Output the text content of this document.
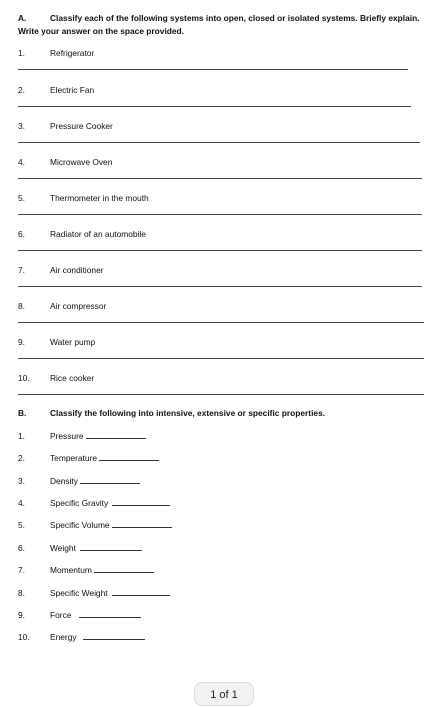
A.	Classify each of the following systems into open, closed or isolated systems. Briefly explain.
Write your answer on the space provided.
1.	Refrigerator
2.	Electric Fan
3.	Pressure Cooker
4.	Microwave Oven
5.	Thermometer in the mouth
6.	Radiator of an automobile
7.	Air conditioner
8.	Air compressor
9.	Water pump
10. Rice cooker
B.	Classify the following into intensive, extensive or specific properties.
1.	Pressure
2.	Temperature
3.	Density
4.	Specific Gravity
5.	Specific Volume
6.	Weight
7.	Momentum
8.	Specific Weight
9.	Force
10. Energy
1 of 1
